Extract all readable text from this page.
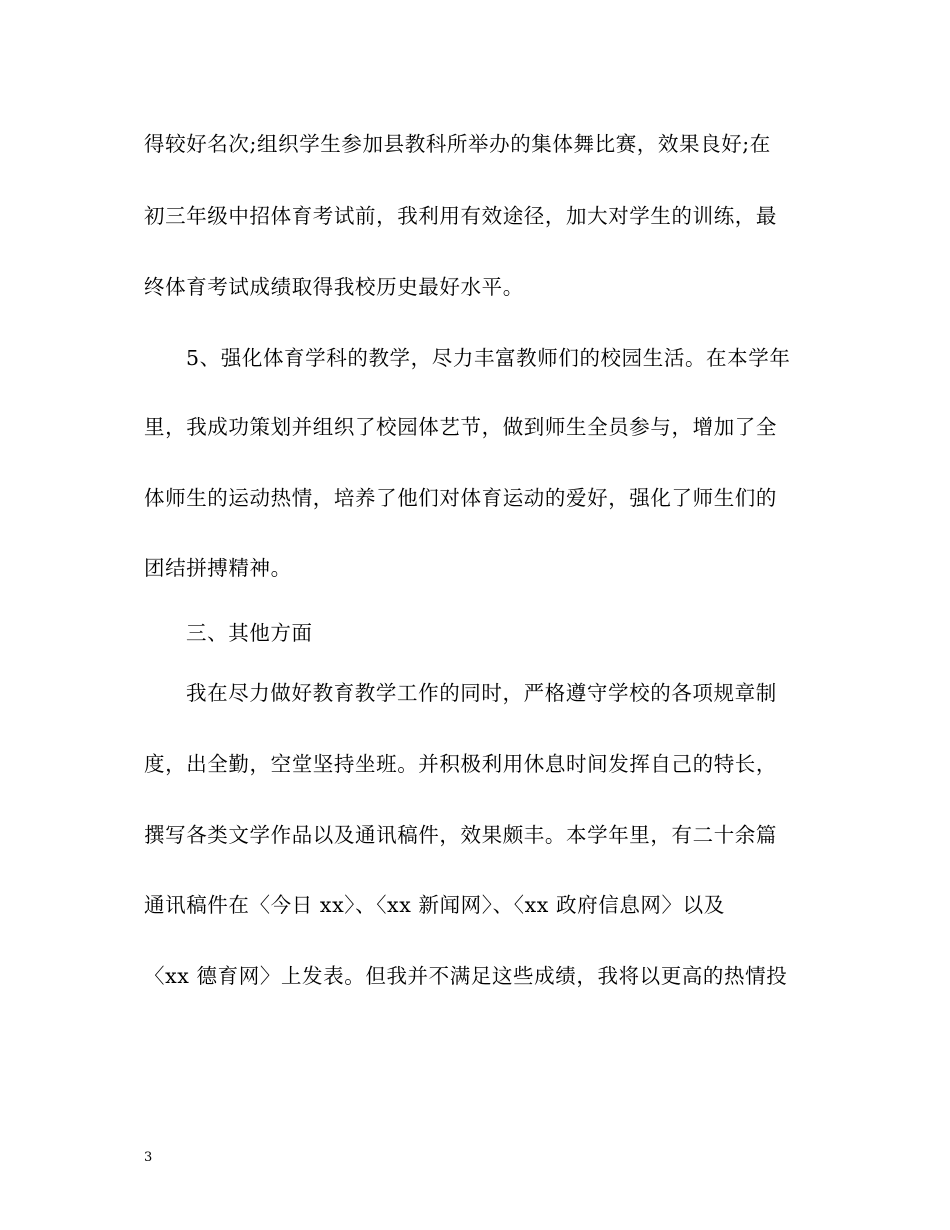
得较好名次;组织学生参加县教科所举办的集体舞比赛，效果良好;在
初三年级中招体育考试前，我利用有效途径，加大对学生的训练，最
终体育考试成绩取得我校历史最好水平。
5、强化体育学科的教学，尽力丰富教师们的校园生活。在本学年
里，我成功策划并组织了校园体艺节，做到师生全员参与，增加了全
体师生的运动热情，培养了他们对体育运动的爱好，强化了师生们的
团结拼搏精神。
三、其他方面
我在尽力做好教育教学工作的同时，严格遵守学校的各项规章制
度，出全勤，空堂坚持坐班。并积极利用休息时间发挥自己的特长，
撰写各类文学作品以及通讯稿件，效果颇丰。本学年里，有二十余篇
通讯稿件在〈今日 xx〉、〈xx 新闻网〉、〈xx 政府信息网〉以及
〈xx 德育网〉上发表。但我并不满足这些成绩，我将以更高的热情投
3
